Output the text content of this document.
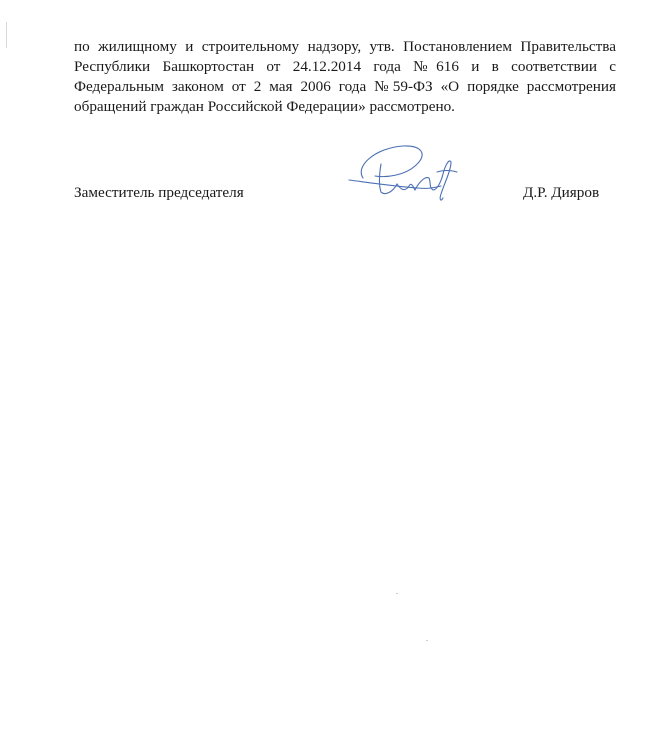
по жилищному и строительному надзору, утв. Постановлением Правительства
Республики Башкортостан от 24.12.2014 года №616 и в соответствии с
Федеральным законом от 2 мая 2006 года №59-ФЗ «О порядке рассмотрения
обращений граждан Российской Федерации» рассмотрено.

Заместитель председателя	Д.Р. Дияров
